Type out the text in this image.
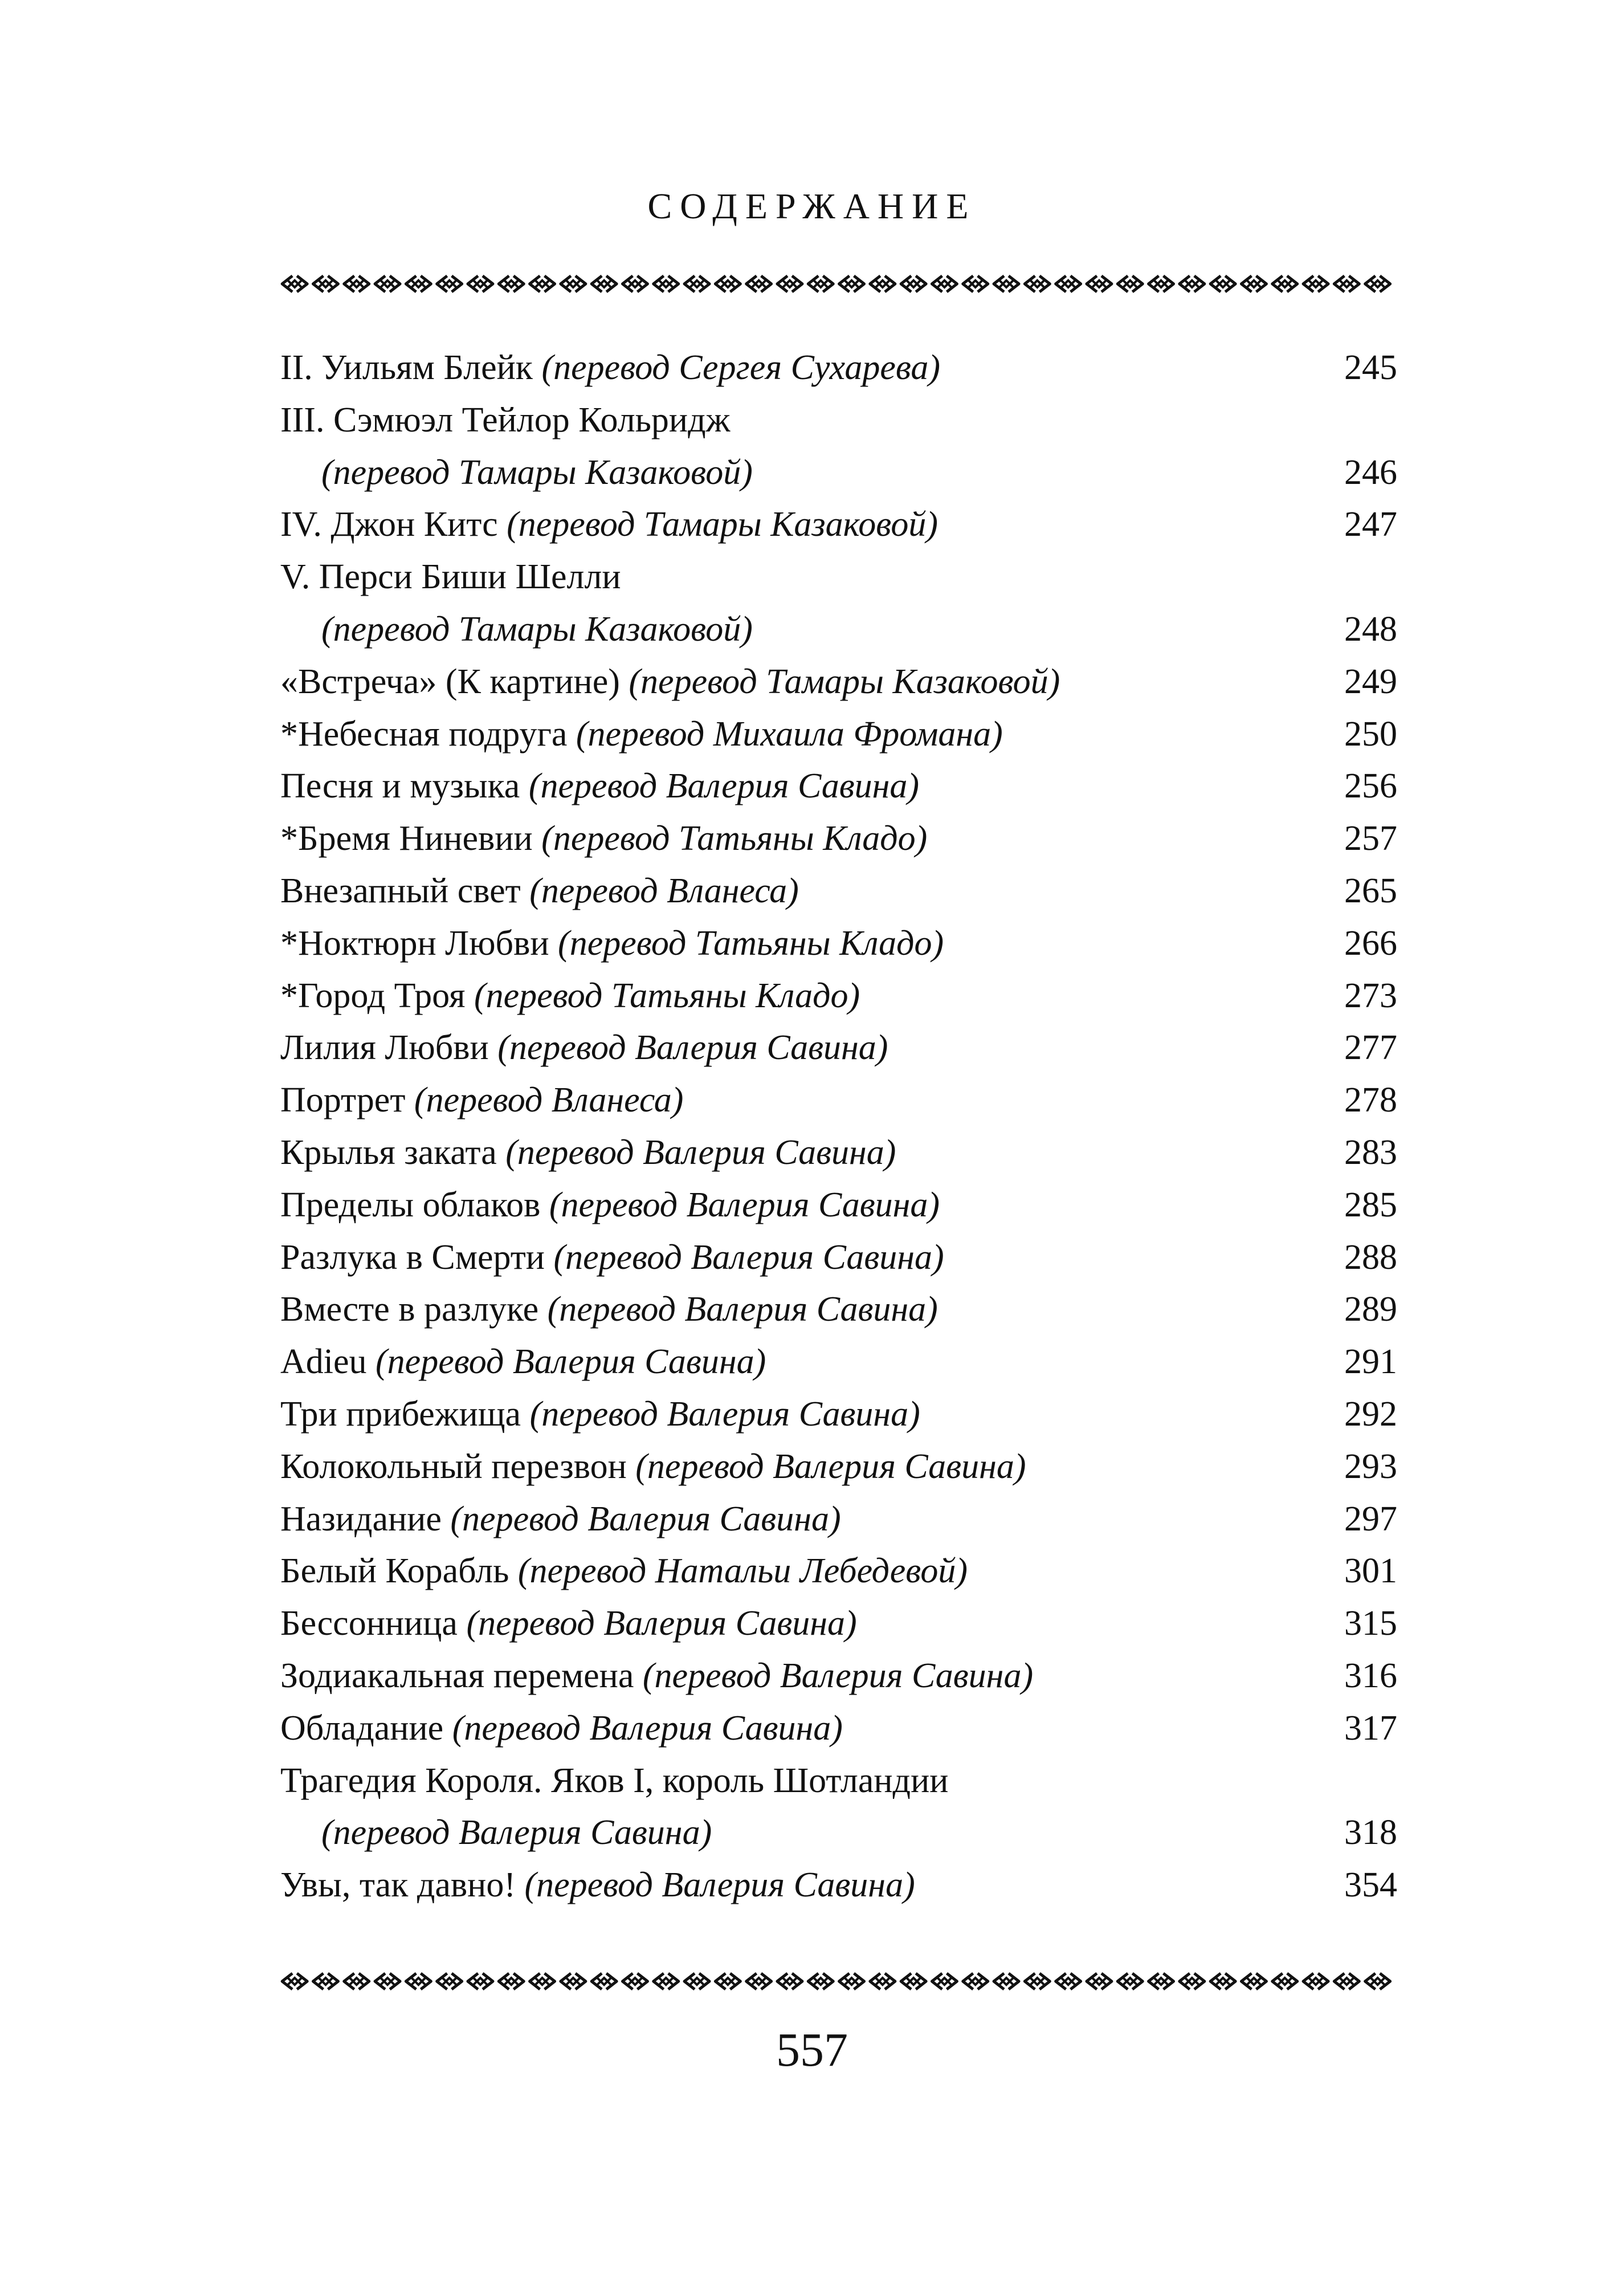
СОДЕРЖАНИЕ
II. Уильям Блейк (перевод Сергея Сухарева)	245
III. Сэмюэл Тейлор Кольридж
(перевод Тамары Казаковой)	246
IV. Джон Китс (перевод Тамары Казаковой)	247
V. Перси Биши Шелли
(перевод Тамары Казаковой)	248
«Встреча» (К картине) (перевод Тамары Казаковой)	249
*Небесная подруга (перевод Михаила Фромана)	250
Песня и музыка (перевод Валерия Савина)	256
*Бремя Ниневии (перевод Татьяны Кладо)	257
Внезапный свет (перевод Вланеса)	265
*Ноктюрн Любви (перевод Татьяны Кладо)	266
*Город Троя (перевод Татьяны Кладо)	273
Лилия Любви (перевод Валерия Савина)	277
Портрет (перевод Вланеса)	278
Крылья заката (перевод Валерия Савина)	283
Пределы облаков (перевод Валерия Савина)	285
Разлука в Смерти (перевод Валерия Савина)	288
Вместе в разлуке (перевод Валерия Савина)	289
Adieu (перевод Валерия Савина)	291
Три прибежища (перевод Валерия Савина)	292
Колокольный перезвон (перевод Валерия Савина)	293
Назидание (перевод Валерия Савина)	297
Белый Корабль (перевод Натальи Лебедевой)	301
Бессонница (перевод Валерия Савина)	315
Зодиакальная перемена (перевод Валерия Савина)	316
Обладание (перевод Валерия Савина)	317
Трагедия Короля. Яков I, король Шотландии
(перевод Валерия Савина)	318
Увы, так давно! (перевод Валерия Савина)	354
557
